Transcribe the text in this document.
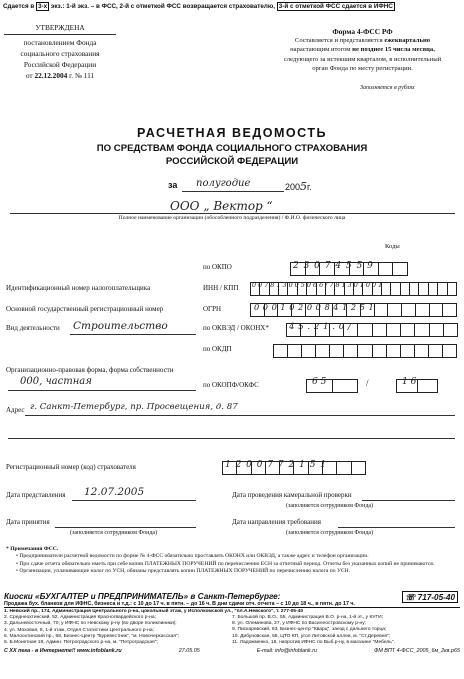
Сдается в 3-х экз.: 1-й экз. – в ФСС, 2-й с отметкой ФСС возвращается страхователю, 3-й с отметкой ФСС сдается в ИФНС
УТВЕРЖДЕНА
постановлением Фонда
социального страхования
Российской Федерации
от 22.12.2004 г. № 111
Форма 4-ФСС РФ
Составляется и представляется ежеквартально
нарастающим итогом не позднее 15 числа месяца,
следующего за истекшим кварталом, в исполнительный
орган Фонда по месту регистрации.
Заполняется в рублях
РАСЧЕТНАЯ ВЕДОМОСТЬ
ПО СРЕДСТВАМ ФОНДА СОЦИАЛЬНОГО СТРАХОВАНИЯ
РОССИЙСКОЙ ФЕДЕРАЦИИ
за полугодие	2005г.
ООО „ Вектор “
Полное наименование организации (обособленного подразделения) / Ф.И.О. физического лица
Коды
по ОКПО	2 3 0 7 4 5 5 9
Идентификационный номер налогоплательщика	ИНН / КПП 0 0 7 8 1 3 0 0 5 0 6 6 / 7 8 1 3 0 1 0 0 1
Основной государственный регистрационный номер	ОГРН	0 0 0 1 0 2 0 0 8 4 1 2 5 1
Вид деятельности Строительство	по ОКВЭД / ОКОНХ* 4 5 . 2 1 . 0 /
по ОКДП
Организационно-правовая форма, форма собственности
000, частная	по ОКОПФ/ОКФС	6 5	/	1 6
Адрес г. Санкт-Петербург, пр. Просвещения, д. 87
Регистрационный номер (код) страхователя	1 2 0 0 7 7 2 1 5 1
Дата представления 12.07.2005	Дата проведения камеральной проверки
(заполняется сотрудником Фонда)
Дата принятия
(заполняется сотрудником Фонда)
Дата направления требования
(заполняется сотрудником Фонда)
* Примечания ФСС.
• Предприниматели расчетной ведомости по форме № 4-ФСС обязательно проставлять ОКОНХ или ОКВЭД, а также адрес и телефон организации.
• При сдаче отчета обязательно иметь при себе копии ПЛАТЕЖНЫХ ПОРУЧЕНИЙ по перечислению ЕСН за отчетный период. Отчеты без указанных копий не принимаются.
• Организации, уплачивающие налог по УСН, обязаны представлять копии ПЛАТЕЖНЫХ ПОРУЧЕНИЙ по перечислению налога по УСН.
Киоски «БУХГАЛТЕР и ПРЕДПРИНИМАТЕЛЬ» в Санкт-Петербурге:	☏ 717-05-40
Продажа бух. бланков для ИФНС, бизнеса и т.д.: с 10 до 17 ч. в пятн. – до 16 ч. В дни сдачи отч. отчета – с 10 до 18 ч., в пятн. до 17 ч.
1. Невский пр., 174, Администрация Центрального р-на, цокольный этаж, у Исполкомской ул., "пл.А.Невского", т. 277-05-40
2. Среднеохтинский, 52, Администрация Красногвардейского р-на;
3. Дальневосточный, 70, у ИФНС по Невскому р-ну (во дворе поликлиники);
4. ул. Моховая, 8, 1-й этаж, Отдел Статистики Центрального р-на;
5. Малоохтинский пр., 68, Бизнес-Центр "Буревестник", "м. Новочеркасская";
6. Б.Монетная 19, Админ. Петроградского р-на, м. "Петроградская";
7. Большой пр. В.О., 55, Администрация В.О. р-на, 1-й эт., у КУГИ;
8. ул. Олеминова, 27, у ИФНС по Василеостровскому р-ну;
9. Пискаревский, 63, Бизнес-центр "Кварц", заезд с дальнего торца;
10. Дибуновская, 65, ЦТО КП, угол Литовской аллеи, м. "Ст.Деревня";
11. Ладожменко, 18, напротив ИФНС по Выб.р-ну, в магазине "Мебель".
С XX пека - в Интернете!! www.infoblank.ru	27.05.05	E-mail: info@infoblank.ru	ФМ ВПТ 4-ФСС_2005_6м_2кв.р65
